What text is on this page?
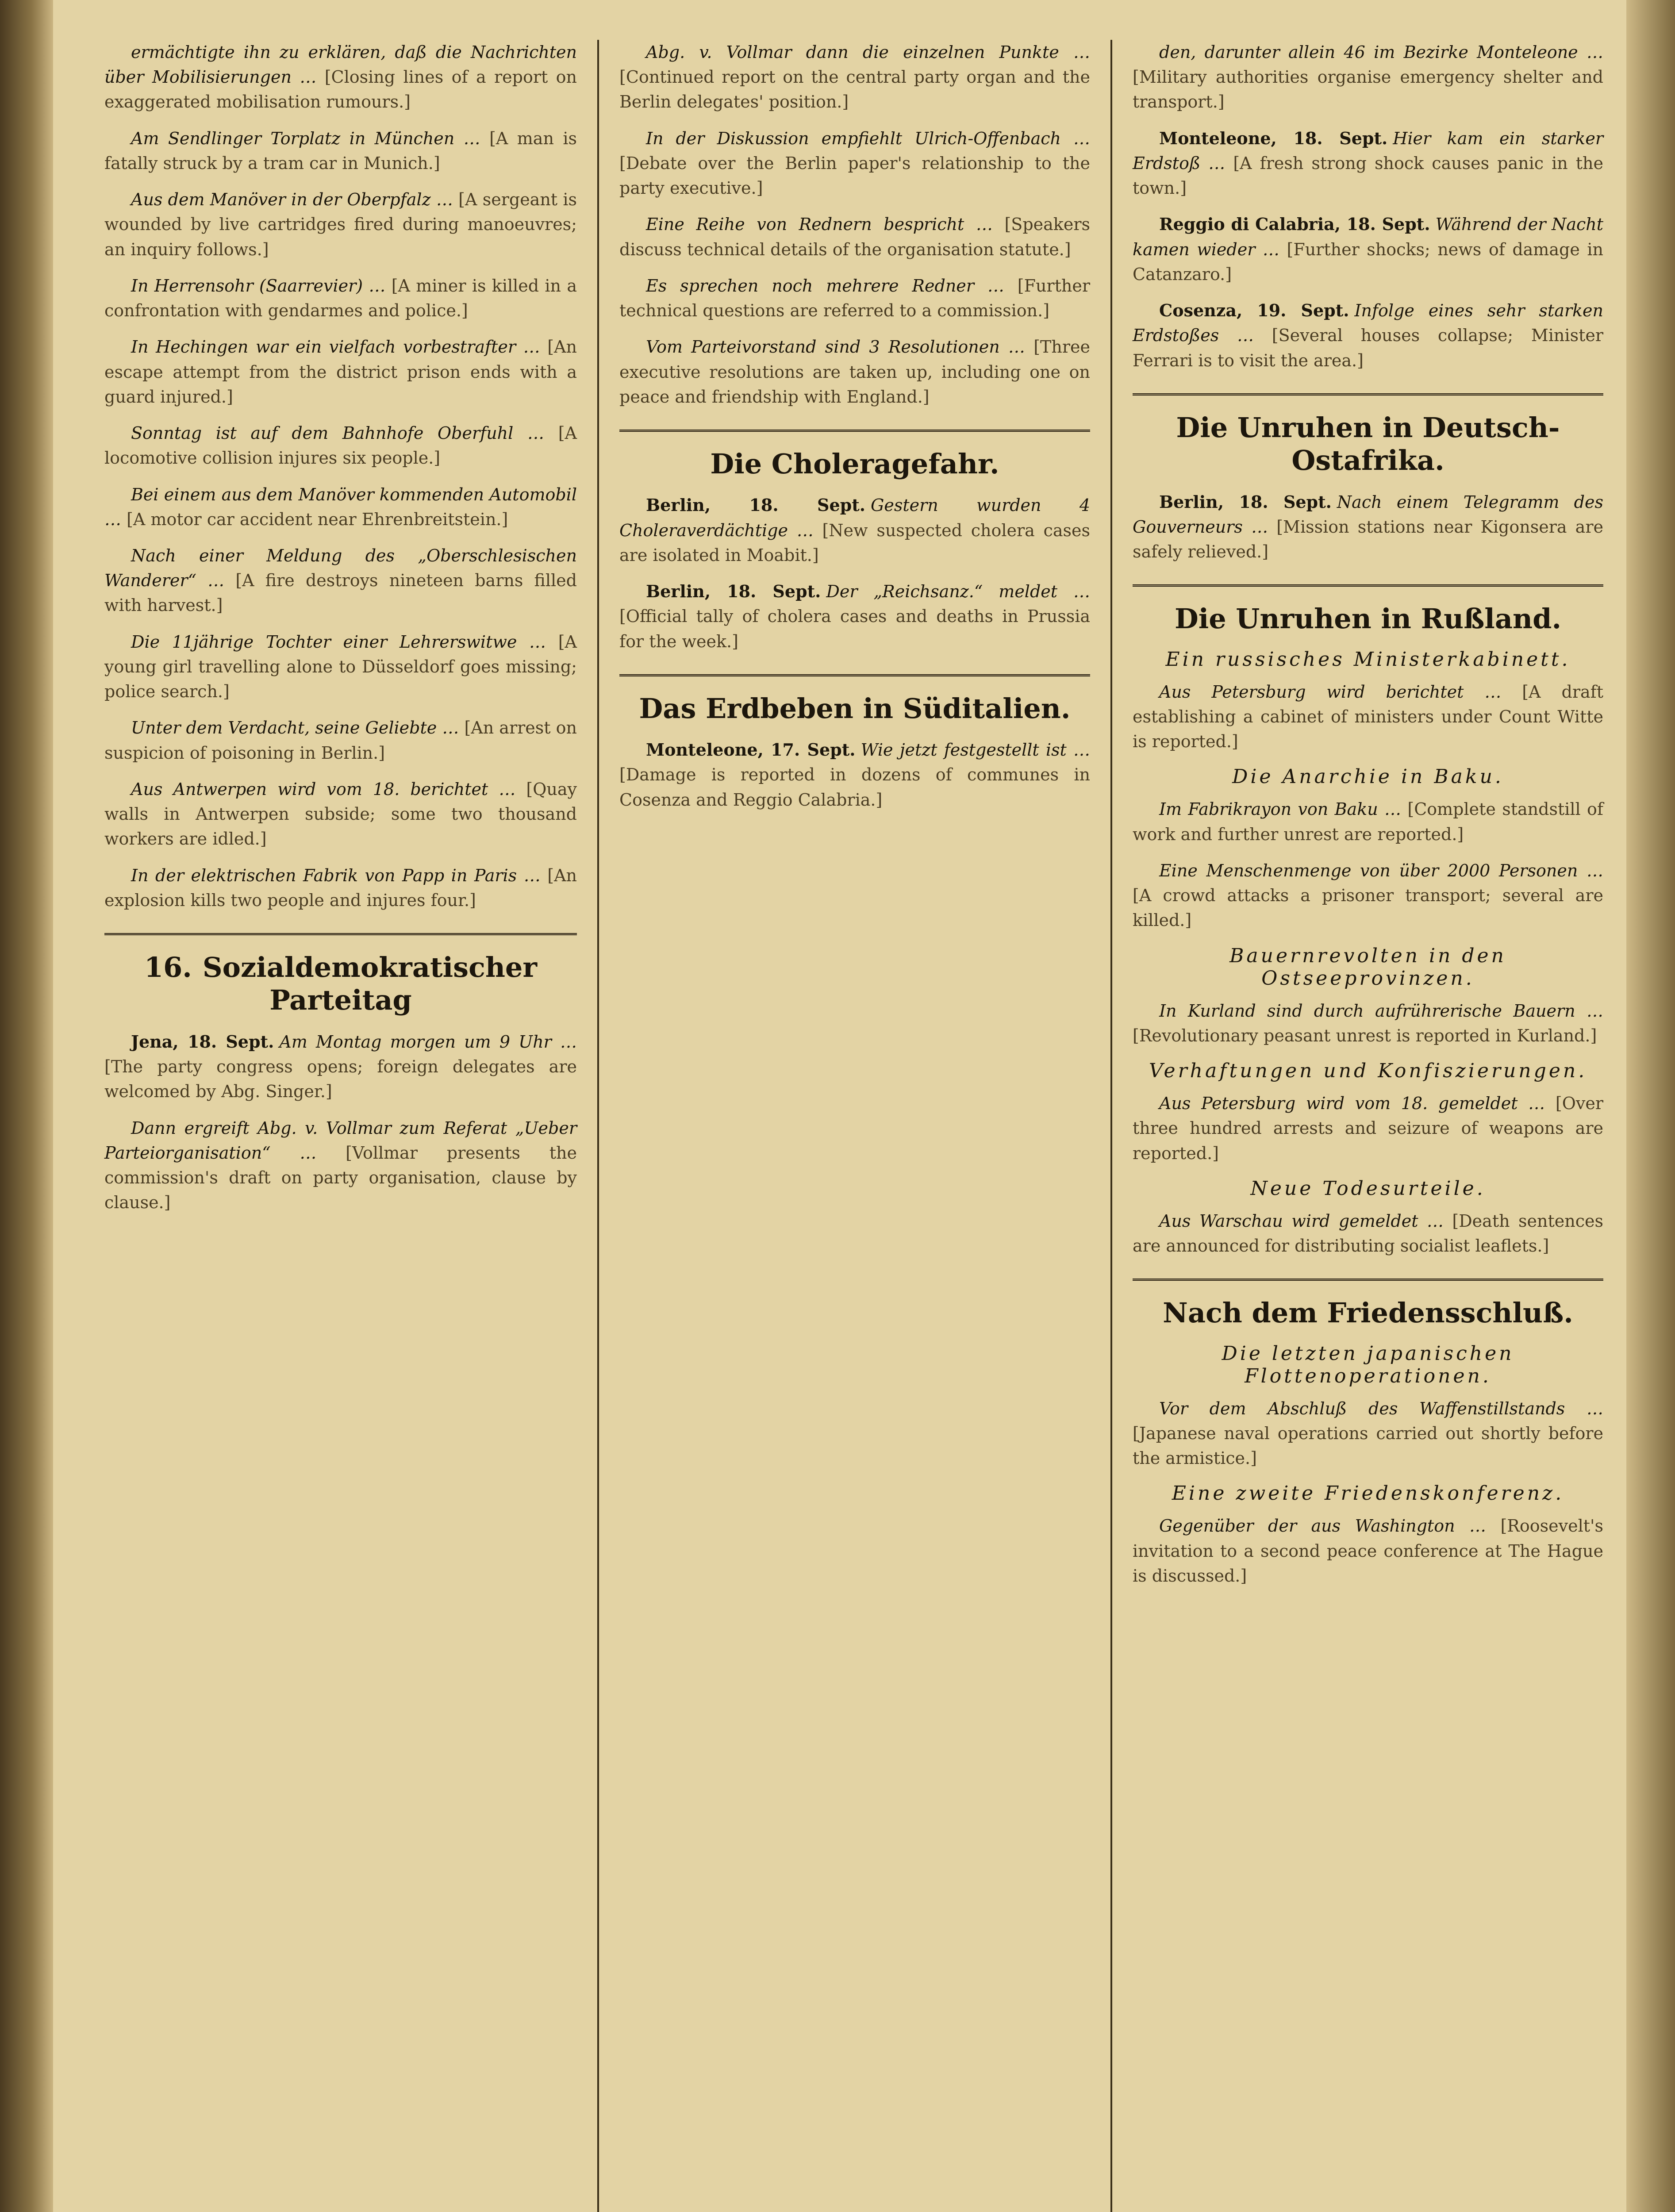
ermächtigte ihn zu erklären, daß die Nachrichten über Mobilisierungen … [Closing lines of a report on exaggerated mobilisation rumours.]

Am Sendlinger Torplatz in München … [A man is fatally struck by a tram car in Munich.]

Aus dem Manöver in der Oberpfalz … [A sergeant is wounded by live cartridges fired during manoeuvres; an inquiry follows.]

In Herrensohr (Saarrevier) … [A miner is killed in a confrontation with gendarmes and police.]

In Hechingen war ein vielfach vorbestrafter … [An escape attempt from the district prison ends with a guard injured.]

Sonntag ist auf dem Bahnhofe Oberfuhl … [A locomotive collision injures six people.]

Bei einem aus dem Manöver kommenden Automobil … [A motor car accident near Ehrenbreitstein.]

Nach einer Meldung des „Oberschlesischen Wanderer“ … [A fire destroys nineteen barns filled with harvest.]

Die 11jährige Tochter einer Lehrerswitwe … [A young girl travelling alone to Düsseldorf goes missing; police search.]

Unter dem Verdacht, seine Geliebte … [An arrest on suspicion of poisoning in Berlin.]

Aus Antwerpen wird vom 18. berichtet … [Quay walls in Antwerpen subside; some two thousand workers are idled.]

In der elektrischen Fabrik von Papp in Paris … [An explosion kills two people and injures four.]

16. Sozialdemokratischer Parteitag

Jena, 18. Sept. Am Montag morgen um 9 Uhr … [The party congress opens; foreign delegates are welcomed by Abg. Singer.]

Dann ergreift Abg. v. Vollmar zum Referat „Ueber Parteiorganisation“ … [Vollmar presents the commission's draft on party organisation, clause by clause.]

Abg. v. Vollmar dann die einzelnen Punkte … [Continued report on the central party organ and the Berlin delegates' position.]

In der Diskussion empfiehlt Ulrich-Offenbach … [Debate over the Berlin paper's relationship to the party executive.]

Eine Reihe von Rednern bespricht … [Speakers discuss technical details of the organisation statute.]

Es sprechen noch mehrere Redner … [Further technical questions are referred to a commission.]

Vom Parteivorstand sind 3 Resolutionen … [Three executive resolutions are taken up, including one on peace and friendship with England.]

Die Choleragefahr.

Berlin, 18. Sept. Gestern wurden 4 Choleraverdächtige … [New suspected cholera cases are isolated in Moabit.]

Berlin, 18. Sept. Der „Reichsanz.“ meldet … [Official tally of cholera cases and deaths in Prussia for the week.]

Das Erdbeben in Süditalien.

Monteleone, 17. Sept. Wie jetzt festgestellt ist … [Damage is reported in dozens of communes in Cosenza and Reggio Calabria.]

den, darunter allein 46 im Bezirke Monteleone … [Military authorities organise emergency shelter and transport.]

Monteleone, 18. Sept. Hier kam ein starker Erdstoß … [A fresh strong shock causes panic in the town.]

Reggio di Calabria, 18. Sept. Während der Nacht kamen wieder … [Further shocks; news of damage in Catanzaro.]

Cosenza, 19. Sept. Infolge eines sehr starken Erdstoßes … [Several houses collapse; Minister Ferrari is to visit the area.]

Die Unruhen in Deutsch-Ostafrika.

Berlin, 18. Sept. Nach einem Telegramm des Gouverneurs … [Mission stations near Kigonsera are safely relieved.]

Die Unruhen in Rußland.
Ein russisches Ministerkabinett.

Aus Petersburg wird berichtet … [A draft establishing a cabinet of ministers under Count Witte is reported.]

Die Anarchie in Baku.

Im Fabrikrayon von Baku … [Complete standstill of work and further unrest are reported.]

Eine Menschenmenge von über 2000 Personen … [A crowd attacks a prisoner transport; several are killed.]

Bauernrevolten in den Ostseeprovinzen.

In Kurland sind durch aufrührerische Bauern … [Revolutionary peasant unrest is reported in Kurland.]

Verhaftungen und Konfiszierungen.

Aus Petersburg wird vom 18. gemeldet … [Over three hundred arrests and seizure of weapons are reported.]

Neue Todesurteile.

Aus Warschau wird gemeldet … [Death sentences are announced for distributing socialist leaflets.]

Nach dem Friedensschluß.
Die letzten japanischen Flottenoperationen.

Vor dem Abschluß des Waffenstillstands … [Japanese naval operations carried out shortly before the armistice.]

Eine zweite Friedenskonferenz.

Gegenüber der aus Washington … [Roosevelt's invitation to a second peace conference at The Hague is discussed.]
